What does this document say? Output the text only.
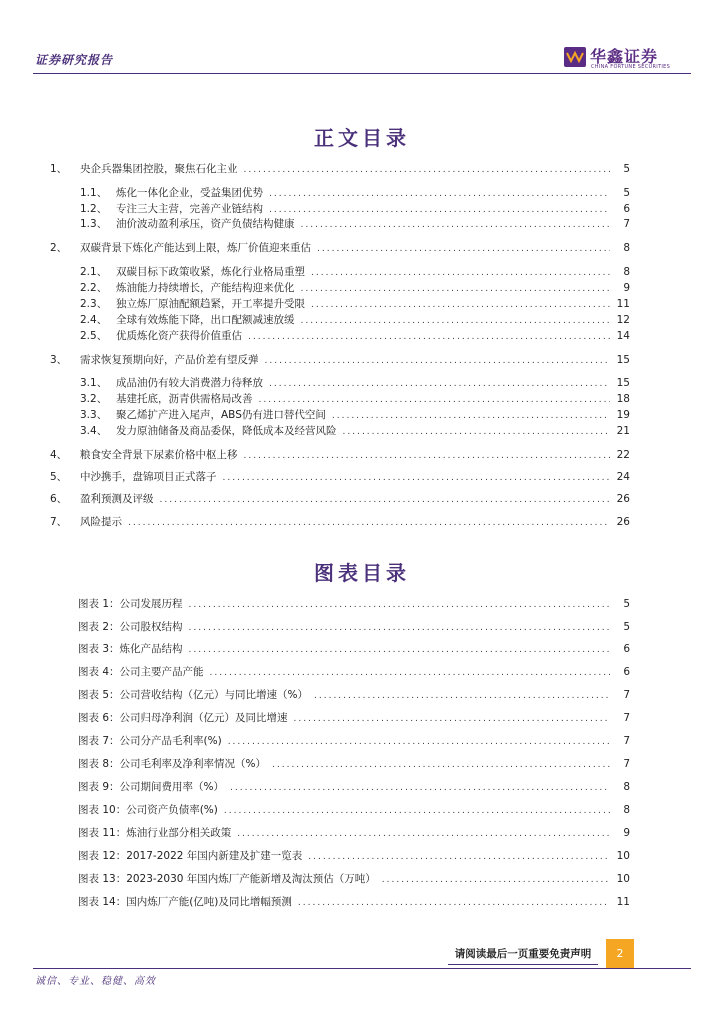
证券研究报告	华鑫证券
CHINA FORTUNE SECURITIES
正文目录
1、	央企兵器集团控股，聚焦石化主业 .....	5
1.1、 炼化一体化企业，受益集团优势 .....	5
1.2、 专注三大主营，完善产业链结构 .....	6
1.3、 油价波动盈利承压，资产负债结构健康 .....	7
2、	双碳背景下炼化产能达到上限，炼厂价值迎来重估 .....	8
2.1、 双碳目标下政策收紧，炼化行业格局重塑 .....	8
2.2、 炼油能力持续增长，产能结构迎来优化 .....	9
2.3、 独立炼厂原油配额趋紧，开工率提升受限 .....	11
2.4、 全球有效炼能下降，出口配额减速放缓 .....	12
2.5、 优质炼化资产获得价值重估 .....	14
3、	需求恢复预期向好，产品价差有望反弹 .....	15
3.1、 成品油仍有较大消费潜力待释放 .....	15
3.2、 基建托底，沥青供需格局改善 .....	18
3.3、 聚乙烯扩产进入尾声，ABS仍有进口替代空间 .....	19
3.4、 发力原油储备及商品委保，降低成本及经营风险 .....	21
4、	粮食安全背景下尿素价格中枢上移 .....	22
5、	中沙携手，盘锦项目正式落子 .....	24
6、	盈利预测及评级 .....	26
7、	风险提示 .....	26
图表目录
图表 1：公司发展历程 .....	5
图表 2：公司股权结构 .....	5
图表 3：炼化产品结构 .....	6
图表 4：公司主要产品产能 .....	6
图表 5：公司营收结构（亿元）与同比增速（%） .....	7
图表 6：公司归母净利润（亿元）及同比增速 .....	7
图表 7：公司分产品毛利率(%) .....	7
图表 8：公司毛利率及净利率情况（%） .....	7
图表 9：公司期间费用率（%） .....	8
图表 10：公司资产负债率(%) .....	8
图表 11：炼油行业部分相关政策 .....	9
图表 12：2017-2022 年国内新建及扩建一览表 .....	10
图表 13：2023-2030 年国内炼厂产能新增及淘汰预估（万吨） .....	10
图表 14：国内炼厂产能(亿吨)及同比增幅预测 .....	11
请阅读最后一页重要免责声明	2
诚信、专业、稳健、高效
